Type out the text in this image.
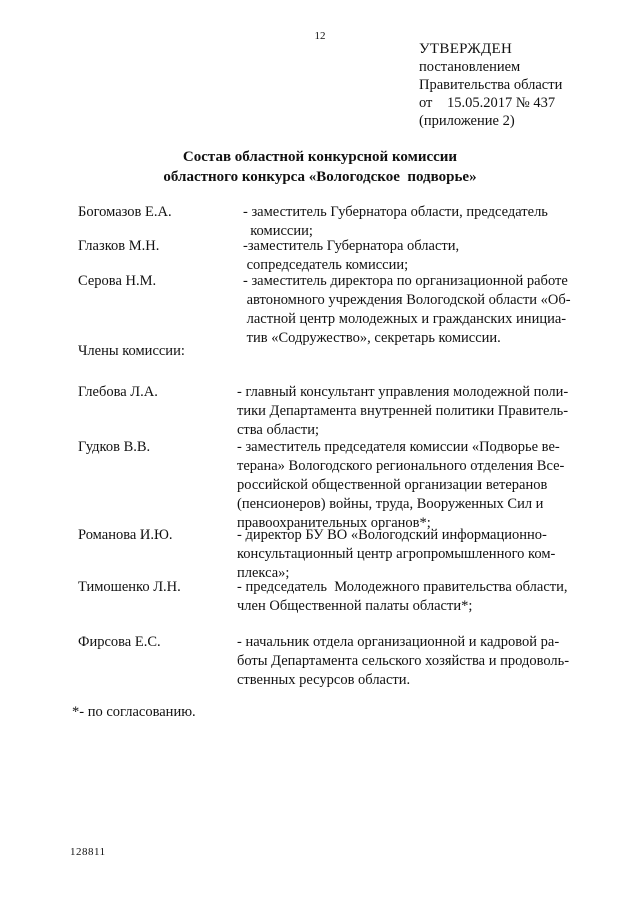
12
УТВЕРЖДЕН
постановлением
Правительства области
от 15.05.2017 № 437
(приложение 2)
Состав областной конкурсной комиссии
областного конкурса «Вологодское  подворье»
Богомазов Е.А.	- заместитель Губернатора области, председатель
комиссии;
Глазков М.Н.	-заместитель Губернатора области,
сопредседатель комиссии;
Серова Н.М.	- заместитель директора по организационной работе
автономного учреждения Вологодской области «Об-
ластной центр молодежных и гражданских инициа-
тив «Содружество», секретарь комиссии.
Члены комиссии:
Глебова Л.А.	- главный консультант управления молодежной поли-
тики Департамента внутренней политики Правитель-
ства области;
Гудков В.В.	- заместитель председателя комиссии «Подворье ве-
терана» Вологодского регионального отделения Все-
российской общественной организации ветеранов
(пенсионеров) войны, труда, Вооруженных Сил и
правоохранительных органов*;
Романова И.Ю.	- директор БУ ВО «Вологодский информационно-
консультационный центр агропромышленного ком-
плекса»;
Тимошенко Л.Н.	- председатель  Молодежного правительства области,
член Общественной палаты области*;
Фирсова Е.С.	- начальник отдела организационной и кадровой ра-
боты Департамента сельского хозяйства и продоволь-
ственных ресурсов области.
*- по согласованию.
128811
